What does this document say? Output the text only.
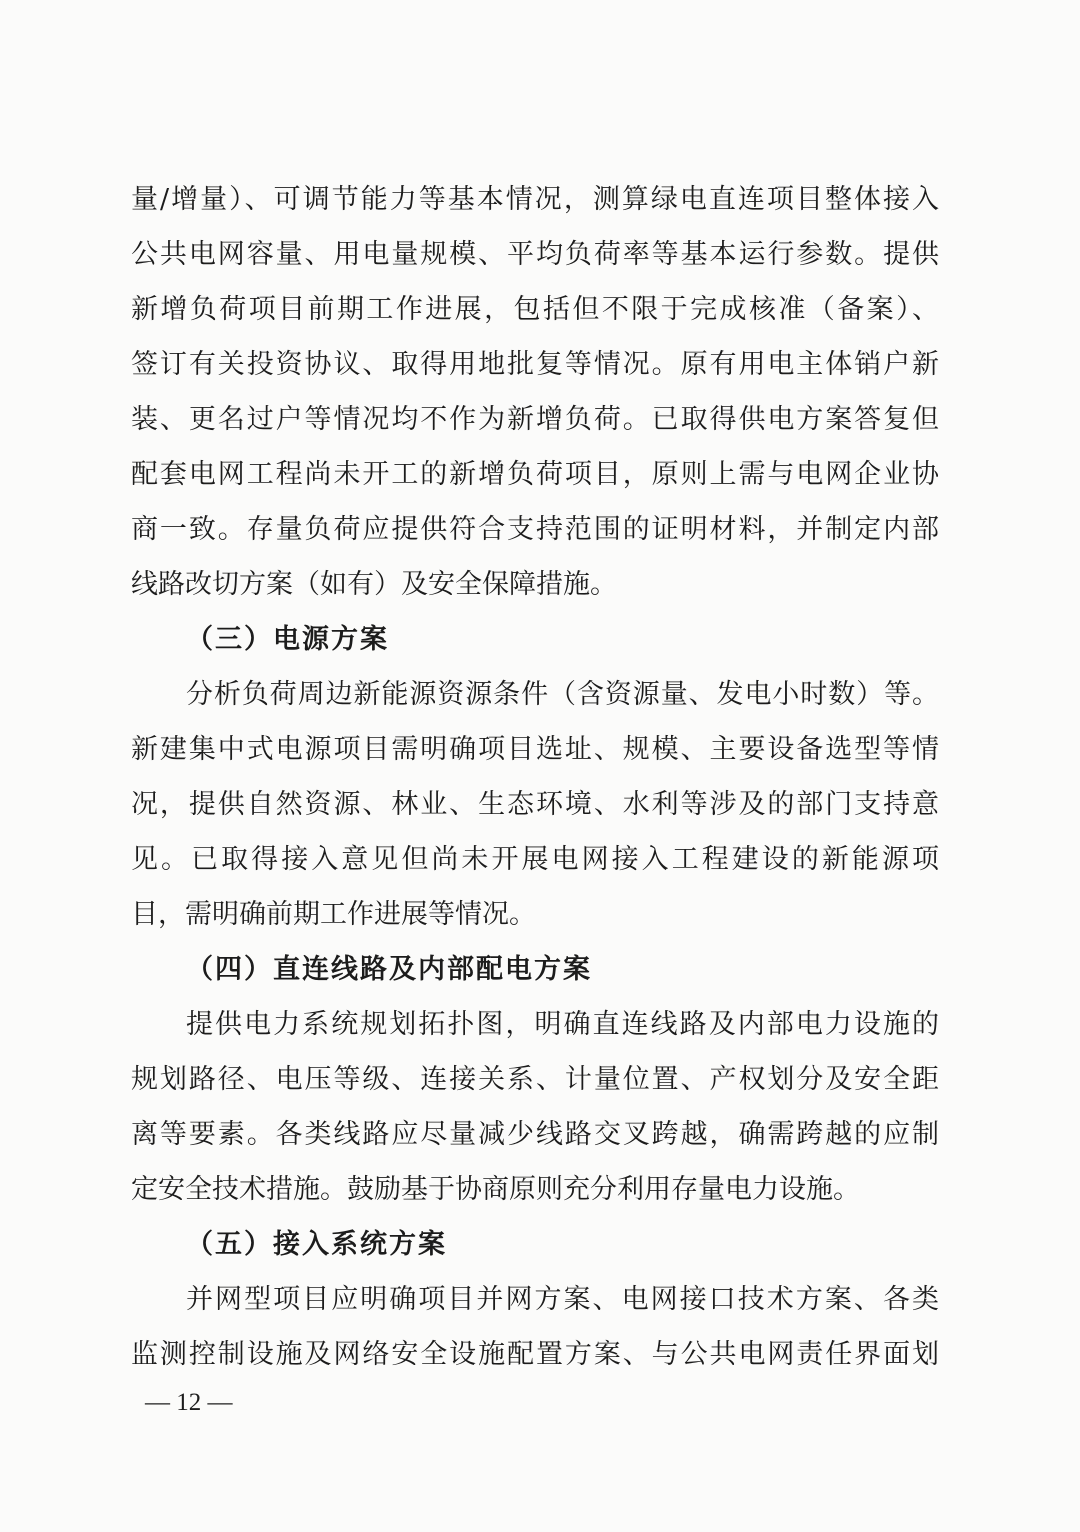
量/增量）、可调节能力等基本情况，测算绿电直连项目整体接入
公共电网容量、用电量规模、平均负荷率等基本运行参数。提供
新增负荷项目前期工作进展，包括但不限于完成核准（备案）、
签订有关投资协议、取得用地批复等情况。原有用电主体销户新
装、更名过户等情况均不作为新增负荷。已取得供电方案答复但
配套电网工程尚未开工的新增负荷项目，原则上需与电网企业协
商一致。存量负荷应提供符合支持范围的证明材料，并制定内部
线路改切方案（如有）及安全保障措施。
（三）电源方案
分析负荷周边新能源资源条件（含资源量、发电小时数）等。
新建集中式电源项目需明确项目选址、规模、主要设备选型等情
况，提供自然资源、林业、生态环境、水利等涉及的部门支持意
见。已取得接入意见但尚未开展电网接入工程建设的新能源项
目，需明确前期工作进展等情况。
（四）直连线路及内部配电方案
提供电力系统规划拓扑图，明确直连线路及内部电力设施的
规划路径、电压等级、连接关系、计量位置、产权划分及安全距
离等要素。各类线路应尽量减少线路交叉跨越，确需跨越的应制
定安全技术措施。鼓励基于协商原则充分利用存量电力设施。
（五）接入系统方案
并网型项目应明确项目并网方案、电网接口技术方案、各类
监测控制设施及网络安全设施配置方案、与公共电网责任界面划
— 12 —
